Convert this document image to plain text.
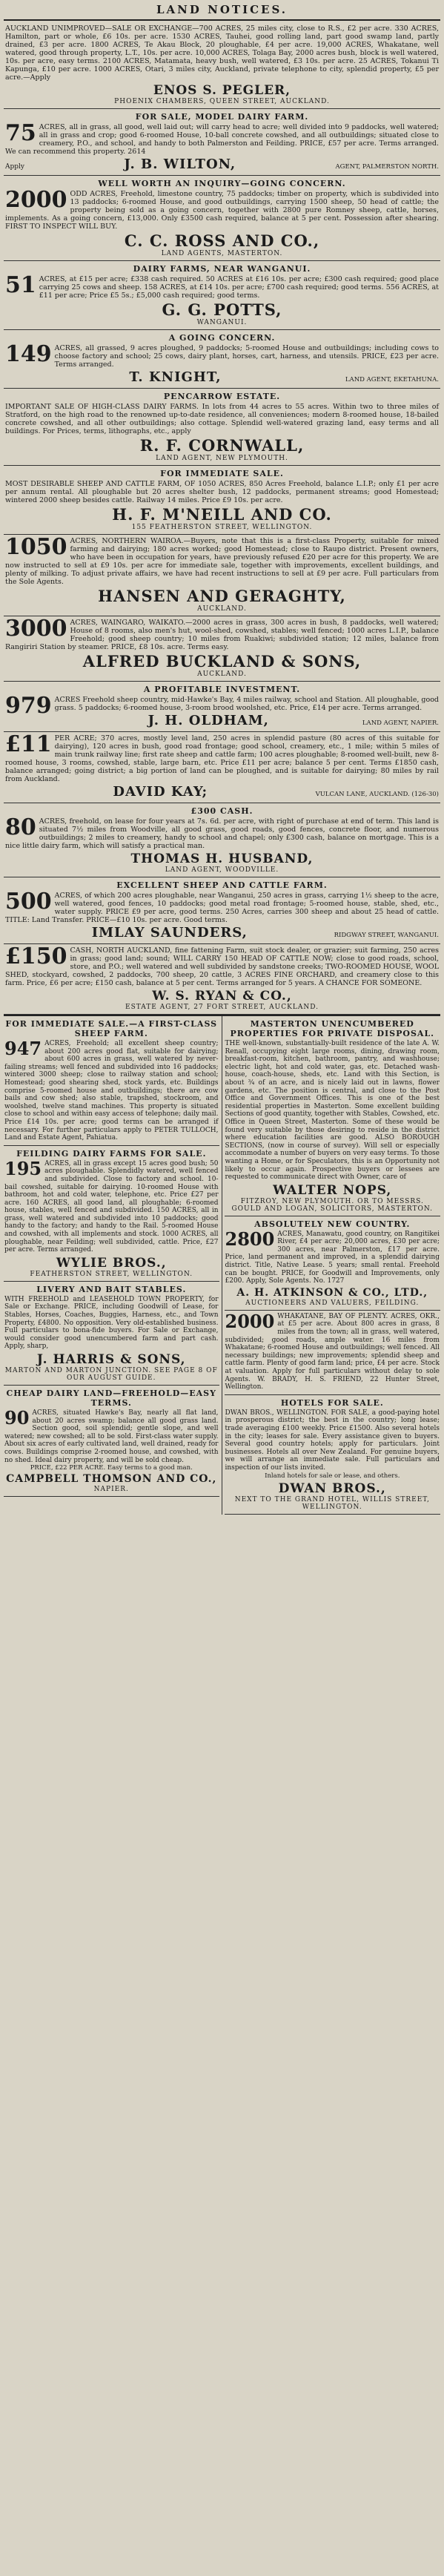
LAND NOTICES.
AUCKLAND UNIMPROVED—SALE OR EXCHANGE—700 ACRES, 25 miles city, close to R.S., £2 per acre. 330 ACRES, Hamilton, part or whole, £6 10s. per acre. 1530 ACRES, Tauhei, good rolling land, part good swamp land, partly drained, £3 per acre. 1800 ACRES, Te Akau Block, 20 ploughable, £4 per acre. 19,000 ACRES, Whakatane, well watered, good through property, L.T., 10s. per acre. 10,000 ACRES, Tolaga Bay, 2000 acres bush, block is well watered, 10s. per acre, easy terms. 2100 ACRES, Matamata, heavy bush, well watered, £3 10s. per acre. 25 ACRES, Tokanui Ti Kapunga, £10 per acre. 1000 ACRES, Otari, 3 miles city, Auckland, private telephone to city, splendid property, £5 per acre.—Apply
ENOS S. PEGLER,
PHOENIX CHAMBERS, QUEEN STREET, AUCKLAND.
FOR SALE, MODEL DAIRY FARM.
75 ACRES, all in grass, all good, well laid out; will carry head to acre; well divided into 9 paddocks, well watered; all in grass and crop; good 6-roomed House, 10-ball concrete cowshed, and all outbuildings; situated close to creamery, P.O., and school, and handy to both Palmerston and Feilding. PRICE, £57 per acre. Terms arranged. We can recommend this property. 2614
Apply	J. B. WILTON,	AGENT, PALMERSTON NORTH.
WELL WORTH AN INQUIRY—GOING CONCERN.
2000 ODD ACRES, Freehold, limestone country, 75 paddocks; timber on property, which is subdivided into 13 paddocks; 6-roomed House, and good outbuildings, carrying 1500 sheep, 50 head of cattle; the property being sold as a going concern, together with 2800 pure Romney sheep, cattle, horses, implements. As a going concern, £13,000. Only £3500 cash required, balance at 5 per cent. Possession after shearing. FIRST TO INSPECT WILL BUY.
C. C. ROSS AND CO.,
LAND AGENTS, MASTERTON.
DAIRY FARMS, NEAR WANGANUI.
51 ACRES, at £15 per acre; £338 cash required. 50 ACRES at £16 10s. per acre; £300 cash required; good place carrying 25 cows and sheep. 158 ACRES, at £14 10s. per acre; £700 cash required; good terms. 556 ACRES, at £11 per acre; Price £5 5s.; £5,000 cash required; good terms.
G. G. POTTS,
WANGANUI.
A GOING CONCERN.
149 ACRES, all grassed, 9 acres ploughed, 9 paddocks; 5-roomed House and outbuildings; including cows to choose factory and school; 25 cows, dairy plant, horses, cart, harness, and utensils. PRICE, £23 per acre. Terms arranged.
T. KNIGHT,	LAND AGENT, EKETAHUNA.
PENCARROW ESTATE.
IMPORTANT SALE OF HIGH-CLASS DAIRY FARMS. In lots from 44 acres to 55 acres. Within two to three miles of Stratford, on the high road to the renowned up-to-date residence, all conveniences; modern 8-roomed house, 18-bailed concrete cowshed, and all other outbuildings; also cottage. Splendid well-watered grazing land, easy terms and all buildings. For Prices, terms, lithographs, etc., apply
R. F. CORNWALL,
LAND AGENT, NEW PLYMOUTH.
FOR IMMEDIATE SALE.
MOST DESIRABLE SHEEP AND CATTLE FARM, OF 1050 ACRES, 850 Acres Freehold, balance L.I.P.; only £1 per acre per annum rental. All ploughable but 20 acres shelter bush, 12 paddocks, permanent streams; good Homestead; wintered 2000 sheep besides cattle. Railway 14 miles. Price £9 10s. per acre.
H. F. M'NEILL AND CO.
155 FEATHERSTON STREET, WELLINGTON.
1050 ACRES, NORTHERN WAIROA.—Buyers, note that this is a first-class Property, suitable for mixed farming and dairying; 180 acres worked; good Homestead; close to Raupo district. Present owners, who have been in occupation for years, have previously refused £20 per acre for this property. We are now instructed to sell at £9 10s. per acre for immediate sale, together with improvements, excellent buildings, and plenty of milking. To adjust private affairs, we have had recent instructions to sell at £9 per acre. Full particulars from the Sole Agents.
HANSEN AND GERAGHTY,
AUCKLAND.
3000 ACRES, WAINGARO, WAIKATO.—2000 acres in grass, 300 acres in bush, 8 paddocks, well watered; House of 8 rooms, also men's hut, wool-shed, cowshed, stables; well fenced; 1000 acres L.I.P., balance Freehold; good sheep country; 10 miles from Ruakiwi; subdivided station; 12 miles, balance from Rangiriri Station by steamer. PRICE, £8 10s. acre. Terms easy.
ALFRED BUCKLAND & SONS,
AUCKLAND.
A PROFITABLE INVESTMENT.
979 ACRES Freehold sheep country, mid-Hawke's Bay, 4 miles railway, school and Station. All ploughable, good grass. 5 paddocks; 6-roomed house, 3-room brood woolshed, etc. Price, £14 per acre. Terms arranged.
J. H. OLDHAM,	LAND AGENT, NAPIER.
£11 PER ACRE; 370 acres, mostly level land, 250 acres in splendid pasture (80 acres of this suitable for dairying), 120 acres in bush, good road frontage; good school, creamery, etc., 1 mile; within 5 miles of main trunk railway line; first rate sheep and cattle farm; 100 acres ploughable; 8-roomed well-built, new 8-roomed house, 3 rooms, cowshed, stable, large barn, etc. Price £11 per acre; balance 5 per cent. Terms £1850 cash, balance arranged; going district; a big portion of land can be ploughed, and is suitable for dairying; 80 miles by rail from Auckland.
DAVID KAY;	VULCAN LANE, AUCKLAND. (126-30)
£300 CASH.
80 ACRES, freehold, on lease for four years at 7s. 6d. per acre, with right of purchase at end of term. This land is situated 7½ miles from Woodville, all good grass, good roads, good fences, concrete floor, and numerous outbuildings; 2 miles to creamery, handy to school and chapel; only £300 cash, balance on mortgage. This is a nice little dairy farm, which will satisfy a practical man.
THOMAS H. HUSBAND,
LAND AGENT, WOODVILLE.
EXCELLENT SHEEP AND CATTLE FARM.
500 ACRES, of which 200 acres ploughable, near Wanganui, 250 acres in grass, carrying 1½ sheep to the acre, well watered, good fences, 10 paddocks; good metal road frontage; 5-roomed house, stable, shed, etc., water supply. PRICE £9 per acre, good terms. 250 Acres, carries 300 sheep and about 25 head of cattle. TITLE: Land Transfer. PRICE—£10 10s. per acre. Good terms.
IMLAY SAUNDERS,	RIDGWAY STREET, WANGANUI.
£150 CASH, NORTH AUCKLAND, fine fattening Farm, suit stock dealer, or grazier; suit farming, 250 acres in grass; good land; sound; WILL CARRY 150 HEAD OF CATTLE NOW; close to good roads, school, store, and P.O.; well watered and well subdivided by sandstone creeks; TWO-ROOMED HOUSE, WOOL SHED, stockyard, cowshed, 2 paddocks, 700 sheep, 20 cattle, 3 ACRES FINE ORCHARD, and creamery close to this farm. Price, £6 per acre; £150 cash, balance at 5 per cent. Terms arranged for 5 years. A CHANCE FOR SOMEONE.
W. S. RYAN & CO.,
ESTATE AGENT, 27 FORT STREET, AUCKLAND.
FOR IMMEDIATE SALE.—A FIRST-CLASS SHEEP FARM.
947 ACRES, Freehold; all excellent sheep country; about 200 acres good flat, suitable for dairying; about 600 acres in grass, well watered by never-failing streams; well fenced and subdivided into 16 paddocks; wintered 3000 sheep; close to railway station and school; Homestead; good shearing shed, stock yards, etc. Buildings comprise 5-roomed house and outbuildings; there are cow bails and cow shed; also stable, trapshed, stockroom, and woolshed, twelve stand machines. This property is situated close to school and within easy access of telephone; daily mail. Price £14 10s. per acre; good terms can be arranged if necessary. For further particulars apply to PETER TULLOCH, Land and Estate Agent, Pahiatua.
FEILDING DAIRY FARMS FOR SALE.
195 ACRES, all in grass except 15 acres good bush; 50 acres ploughable. Splendidly watered, well fenced and subdivided. Close to factory and school. 10-bail cowshed, suitable for dairying. 10-roomed House with bathroom, hot and cold water, telephone, etc. Price £27 per acre. 160 ACRES, all good land, all ploughable; 6-roomed house, stables, well fenced and subdivided. 150 ACRES, all in grass, well watered and subdivided into 10 paddocks; good handy to the factory; and handy to the Rail. 5-roomed House and cowshed, with all implements and stock. 1000 ACRES, all ploughable, near Feilding; well subdivided, cattle. Price, £27 per acre. Terms arranged.
WYLIE BROS.,
FEATHERSTON STREET, WELLINGTON.
LIVERY AND BAIT STABLES.
WITH FREEHOLD and LEASEHOLD TOWN PROPERTY, for Sale or Exchange. PRICE, including Goodwill of Lease, for Stables, Horses, Coaches, Buggies, Harness, etc., and Town Property, £4800. No opposition. Very old-established business. Full particulars to bona-fide buyers. For Sale or Exchange, would consider good unencumbered farm and part cash. Apply, sharp,
J. HARRIS & SONS,
MARTON AND MARTON JUNCTION. SEE PAGE 8 OF OUR AUGUST GUIDE.
CHEAP DAIRY LAND—FREEHOLD—EASY TERMS.
90 ACRES, situated Hawke's Bay, nearly all flat land, about 20 acres swamp; balance all good grass land. Section good, soil splendid; gentle slope, and well watered; new cowshed; all to be sold. First-class water supply. About six acres of early cultivated land, well drained, ready for cows. Buildings comprise 2-roomed house, and cowshed, with no shed. Ideal dairy property, and will be sold cheap.
PRICE, £22 PER ACRE. Easy terms to a good man.
CAMPBELL THOMSON AND CO.,
NAPIER.
MASTERTON UNENCUMBERED PROPERTIES FOR PRIVATE DISPOSAL.
THE well-known, substantially-built residence of the late A. W. Renall, occupying eight large rooms, dining, drawing room, breakfast-room, kitchen, bathroom, pantry, and washhouse; electric light, hot and cold water, gas, etc. Detached wash-house, coach-house, sheds, etc. Land with this Section, is about ¾ of an acre, and is nicely laid out in lawns, flower gardens, etc. The position is central, and close to the Post Office and Government Offices. This is one of the best residential properties in Masterton. Some excellent building Sections of good quantity, together with Stables, Cowshed, etc. Office in Queen Street, Masterton. Some of these would be found very suitable by those desiring to reside in the district where education facilities are good. ALSO BOROUGH SECTIONS, (now in course of survey). Will sell or especially accommodate a number of buyers on very easy terms. To those wanting a Home, or for Speculators, this is an Opportunity not likely to occur again. Prospective buyers or lessees are requested to communicate direct with Owner, care of
WALTER NOPS,
FITZROY, NEW PLYMOUTH. OR TO MESSRS. GOULD AND LOGAN, SOLICITORS, MASTERTON.
ABSOLUTELY NEW COUNTRY.
2800 ACRES, Manawatu, good country, on Rangitikei River, £4 per acre; 20,000 acres, £30 per acre; 300 acres, near Palmerston, £17 per acre. Price, land permanent and improved, in a splendid dairying district. Title, Native Lease. 5 years; small rental. Freehold can be bought. PRICE, for Goodwill and Improvements, only £200. Apply, Sole Agents. No. 1727
A. H. ATKINSON & CO., LTD.,
AUCTIONEERS AND VALUERS, FEILDING.
2000 WHAKATANE, BAY OF PLENTY. ACRES, OKR., at £5 per acre. About 800 acres in grass, 8 miles from the town; all in grass, well watered, subdivided; good roads, ample water. 16 miles from Whakatane; 6-roomed House and outbuildings; well fenced. All necessary buildings; new improvements; splendid sheep and cattle farm. Plenty of good farm land; price, £4 per acre. Stock at valuation. Apply for full particulars without delay to sole Agents. W. BRADY, H. S. FRIEND, 22 Hunter Street, Wellington.
HOTELS FOR SALE.
DWAN BROS., WELLINGTON. FOR SALE, a good-paying hotel in prosperous district; the best in the country; long lease; trade averaging £100 weekly. Price £1500. Also several hotels in the city; leases for sale. Every assistance given to buyers. Several good country hotels; apply for particulars. Joint businesses. Hotels all over New Zealand. For genuine buyers, we will arrange an immediate sale. Full particulars and inspection of our lists invited.
Inland hotels for sale or lease, and others.
DWAN BROS.,
NEXT TO THE GRAND HOTEL, WILLIS STREET, WELLINGTON.
